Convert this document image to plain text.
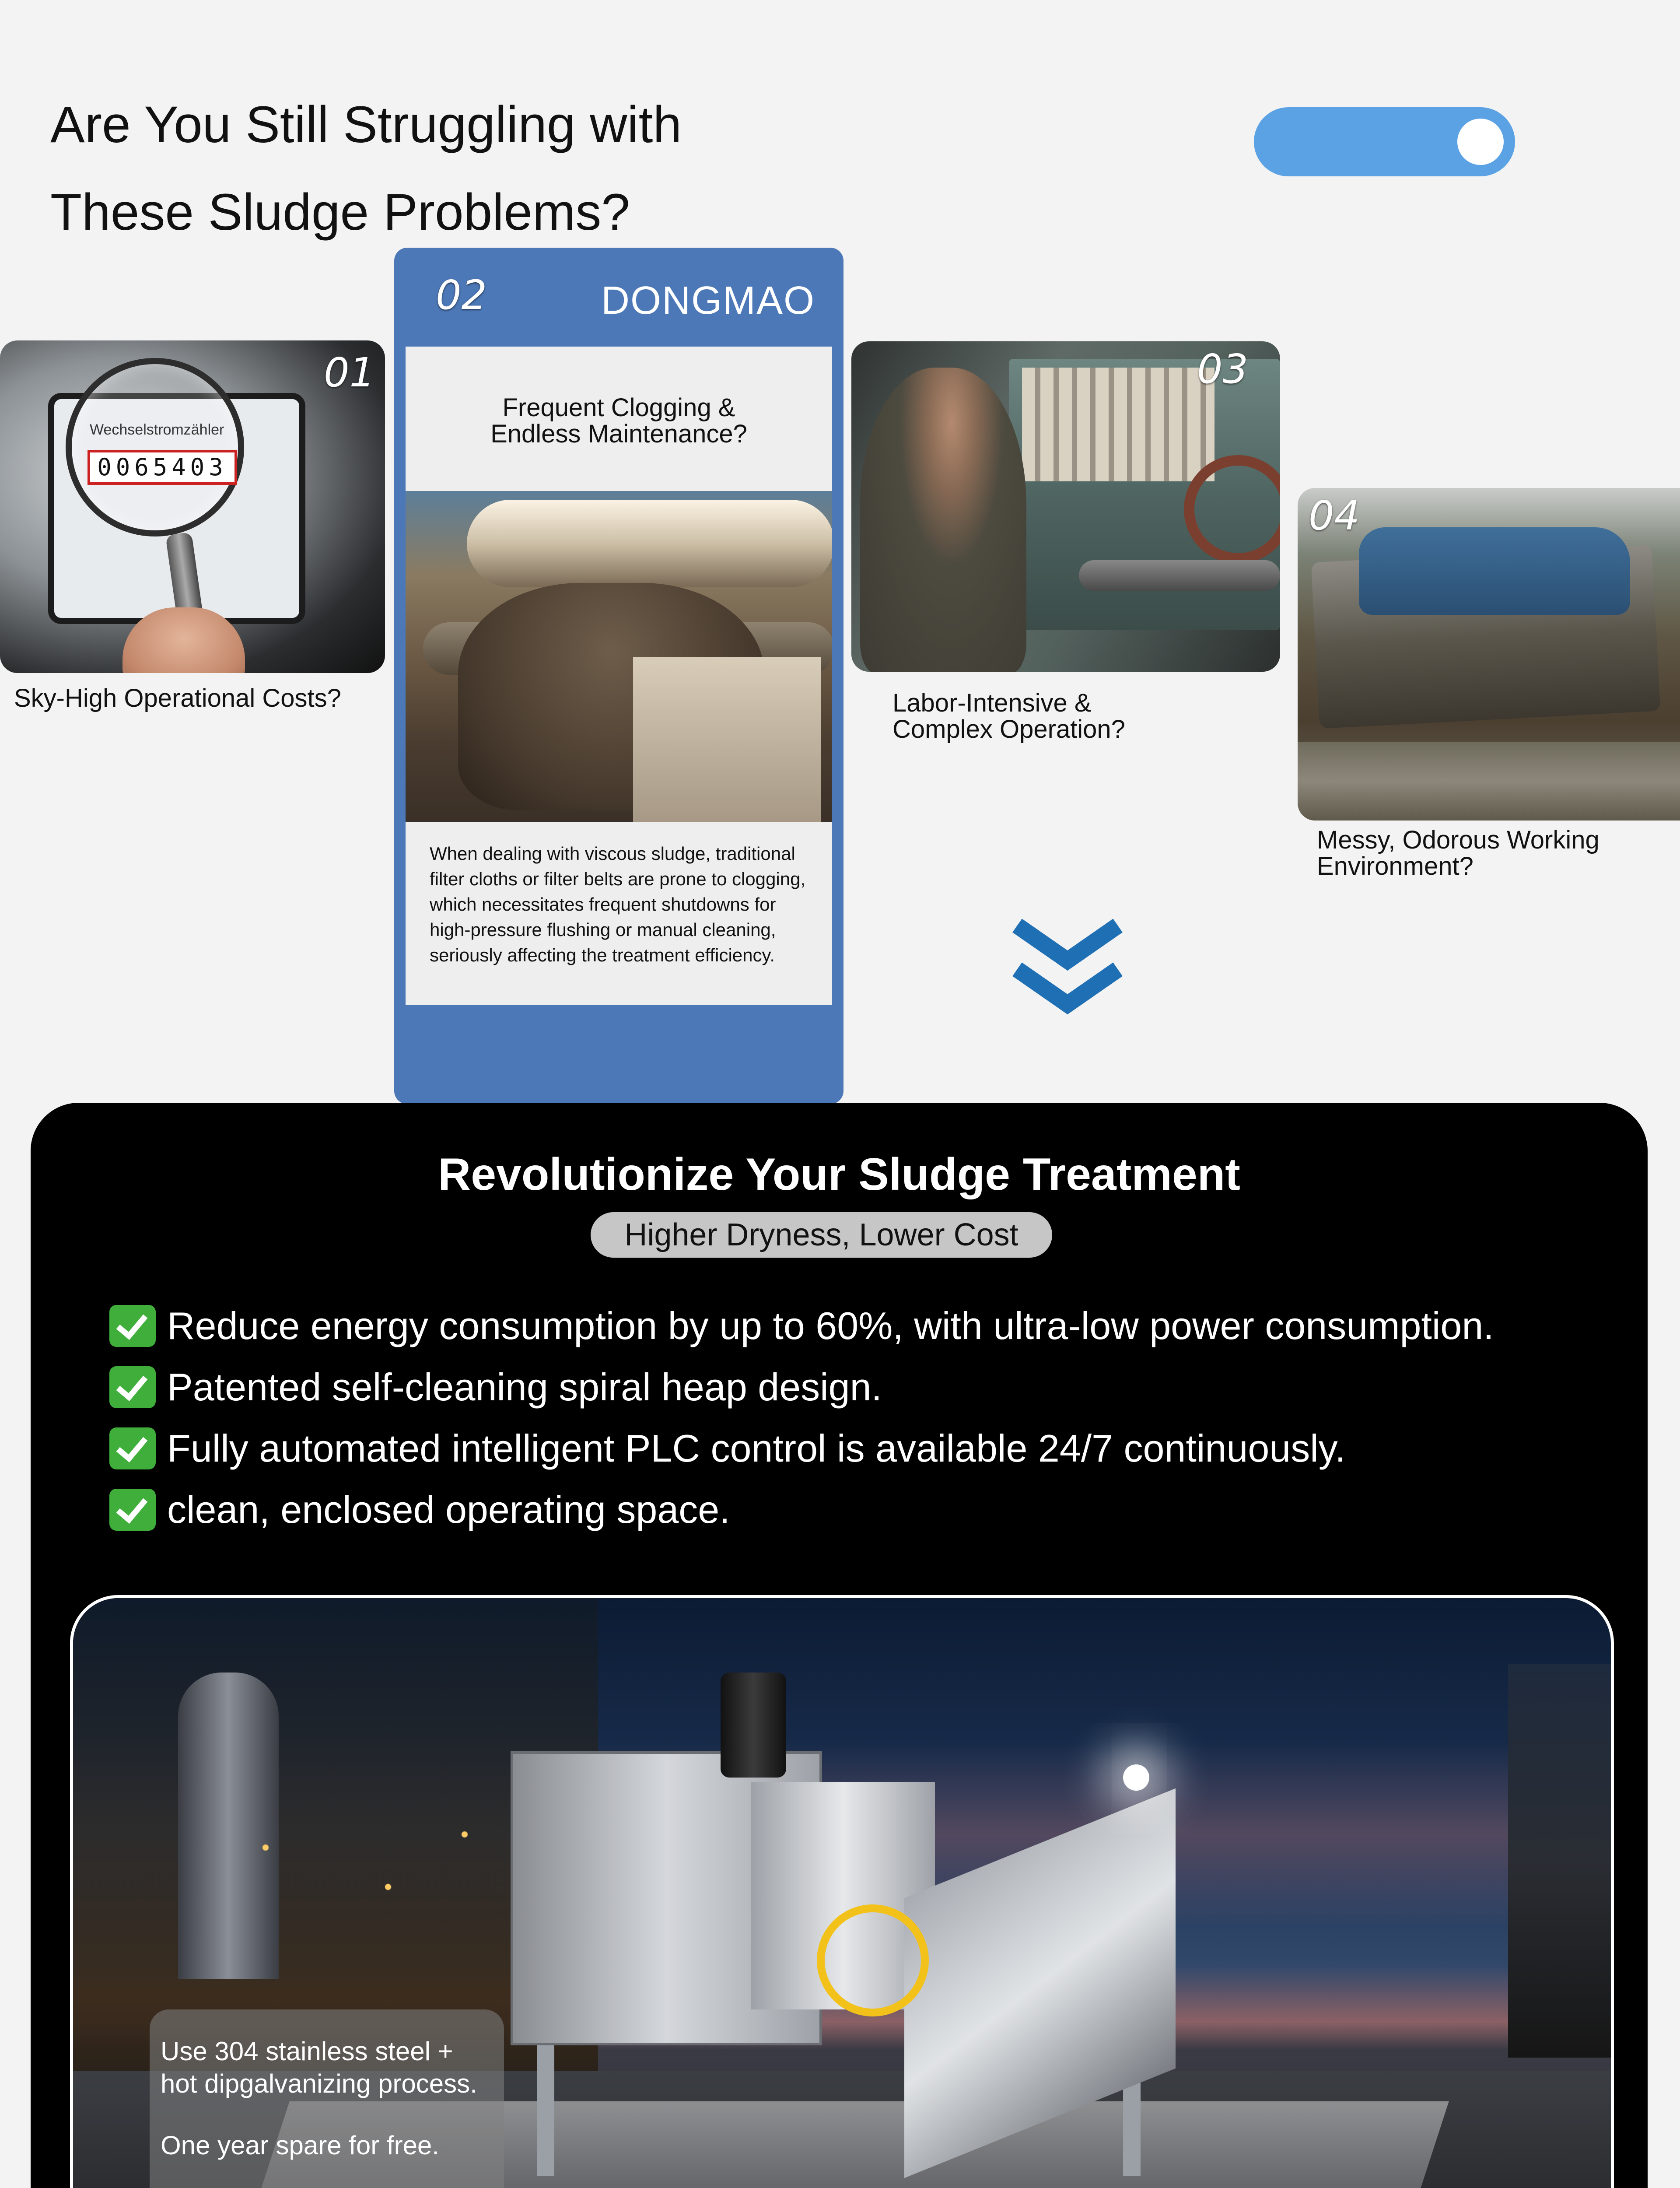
Are You Still Struggling with
These Sludge Problems?
Wechselstromzähler
0065403
01
Sky-High Operational Costs?
02	DONGMAO
Frequent Clogging &
Endless Maintenance?
When dealing with viscous sludge, traditional filter cloths or filter belts are prone to clogging, which necessitates frequent shutdowns for high-pressure flushing or manual cleaning, seriously affecting the treatment efficiency.
03
Labor-Intensive &
Complex Operation?
04
Messy, Odorous Working
Environment?
Revolutionize Your Sludge Treatment
Higher Dryness, Lower Cost
Reduce energy consumption by up to 60%, with ultra-low power consumption.
Patented self-cleaning spiral heap design.
Fully automated intelligent PLC control is available 24/7 continuously.
clean, enclosed operating space.
Use 304 stainless steel +
hot dipgalvanizing process.
One year spare for free.
